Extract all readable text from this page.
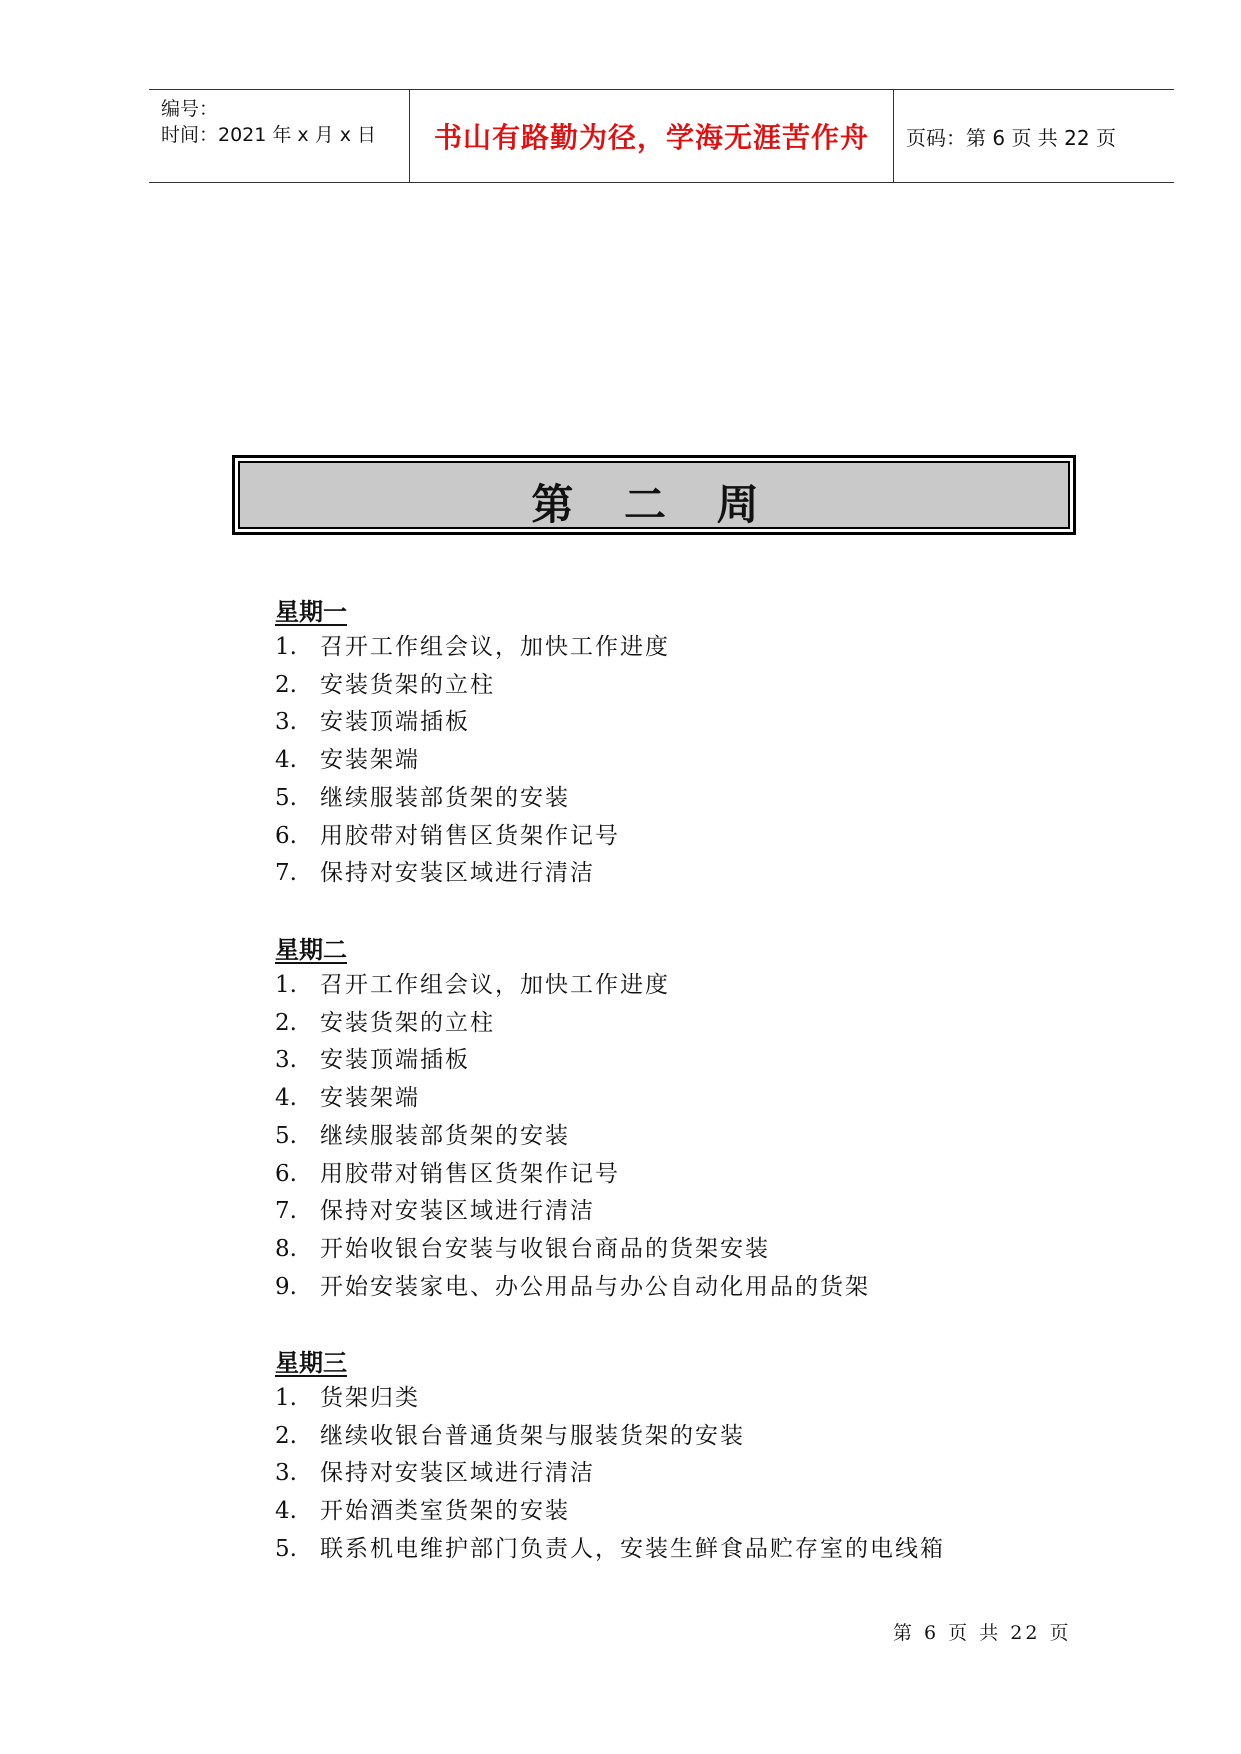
编号：
时间：2021 年 x 月 x 日 书山有路勤为径，学海无涯苦作舟 页码：第 6 页 共 22 页
第 二 周
星期一
1. 召开工作组会议，加快工作进度
2. 安装货架的立柱
3. 安装顶端插板
4. 安装架端
5. 继续服装部货架的安装
6. 用胶带对销售区货架作记号
7. 保持对安装区域进行清洁
星期二
1. 召开工作组会议，加快工作进度
2. 安装货架的立柱
3. 安装顶端插板
4. 安装架端
5. 继续服装部货架的安装
6. 用胶带对销售区货架作记号
7. 保持对安装区域进行清洁
8. 开始收银台安装与收银台商品的货架安装
9. 开始安装家电、办公用品与办公自动化用品的货架
星期三
1. 货架归类
2. 继续收银台普通货架与服装货架的安装
3. 保持对安装区域进行清洁
4. 开始酒类室货架的安装
5. 联系机电维护部门负责人，安装生鲜食品贮存室的电线箱
第 6 页 共 22 页
